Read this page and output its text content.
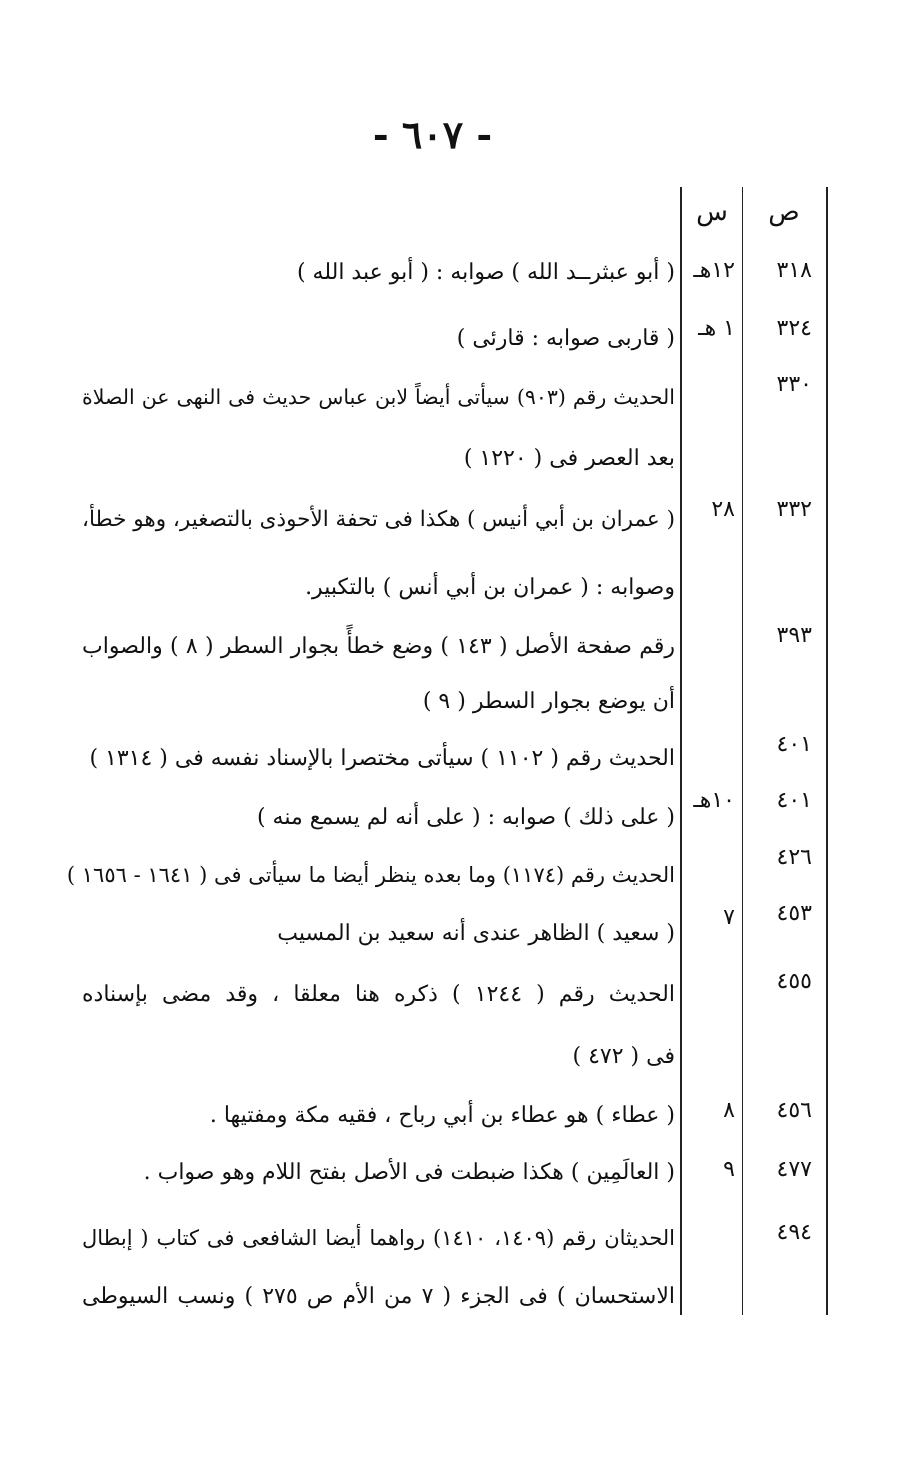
- ٦٠٧ -
ص
س
٣١٨
١٢هـ
( أبو عبثر‍ــد الله ) صوابه : ( أبو عبد الله )
٣٢٤
١ هـ
( قاربى صوابه : قارئى )
٣٣٠
الحديث رقم (٩٠٣) سيأتى أيضاً لابن عباس حديث فى النهى عن الصلاة
بعد العصر فى ( ١٢٢٠ )
٣٣٢
٢٨
( عمران بن أبي أنيس ) هكذا فى تحفة الأحوذى بالتصغير، وهو خطأ،
وصوابه : ( عمران بن أبي أنس ) بالتكبير.
٣٩٣
رقم صفحة الأصل ( ١٤٣ ) وضع خطأً بجوار السطر ( ٨ ) والصواب
أن يوضع بجوار السطر ( ٩ )
٤٠١
الحديث رقم ( ١١٠٢ ) سيأتى مختصرا بالإسناد نفسه فى ( ١٣١٤ )
٤٠١
١٠هـ
( على ذلك ) صوابه : ( على أنه لم يسمع منه )
٤٢٦
الحديث رقم (١١٧٤) وما بعده ينظر أيضا ما سيأتى فى ( ١٦٤١ - ١٦٥٦ )
٤٥٣
٧
( سعيد ) الظاهر عندى أنه سعيد بن المسيب
٤٥٥
الحديث رقم ( ١٢٤٤ ) ذكره هنا معلقا ، وقد مضى بإسناده
فى ( ٤٧٢ )
٤٥٦
٨
( عطاء ) هو عطاء بن أبي رباح ، فقيه مكة ومفتيها .
٤٧٧
٩
( العالَمِين ) هكذا ضبطت فى الأصل بفتح اللام وهو صواب .
٤٩٤
الحديثان رقم (١٤٠٩، ١٤١٠) رواهما أيضا الشافعى فى كتاب ( إبطال
الاستحسان ) فى الجزء ( ٧ من الأم ص ٢٧٥ ) ونسب السيوطى
